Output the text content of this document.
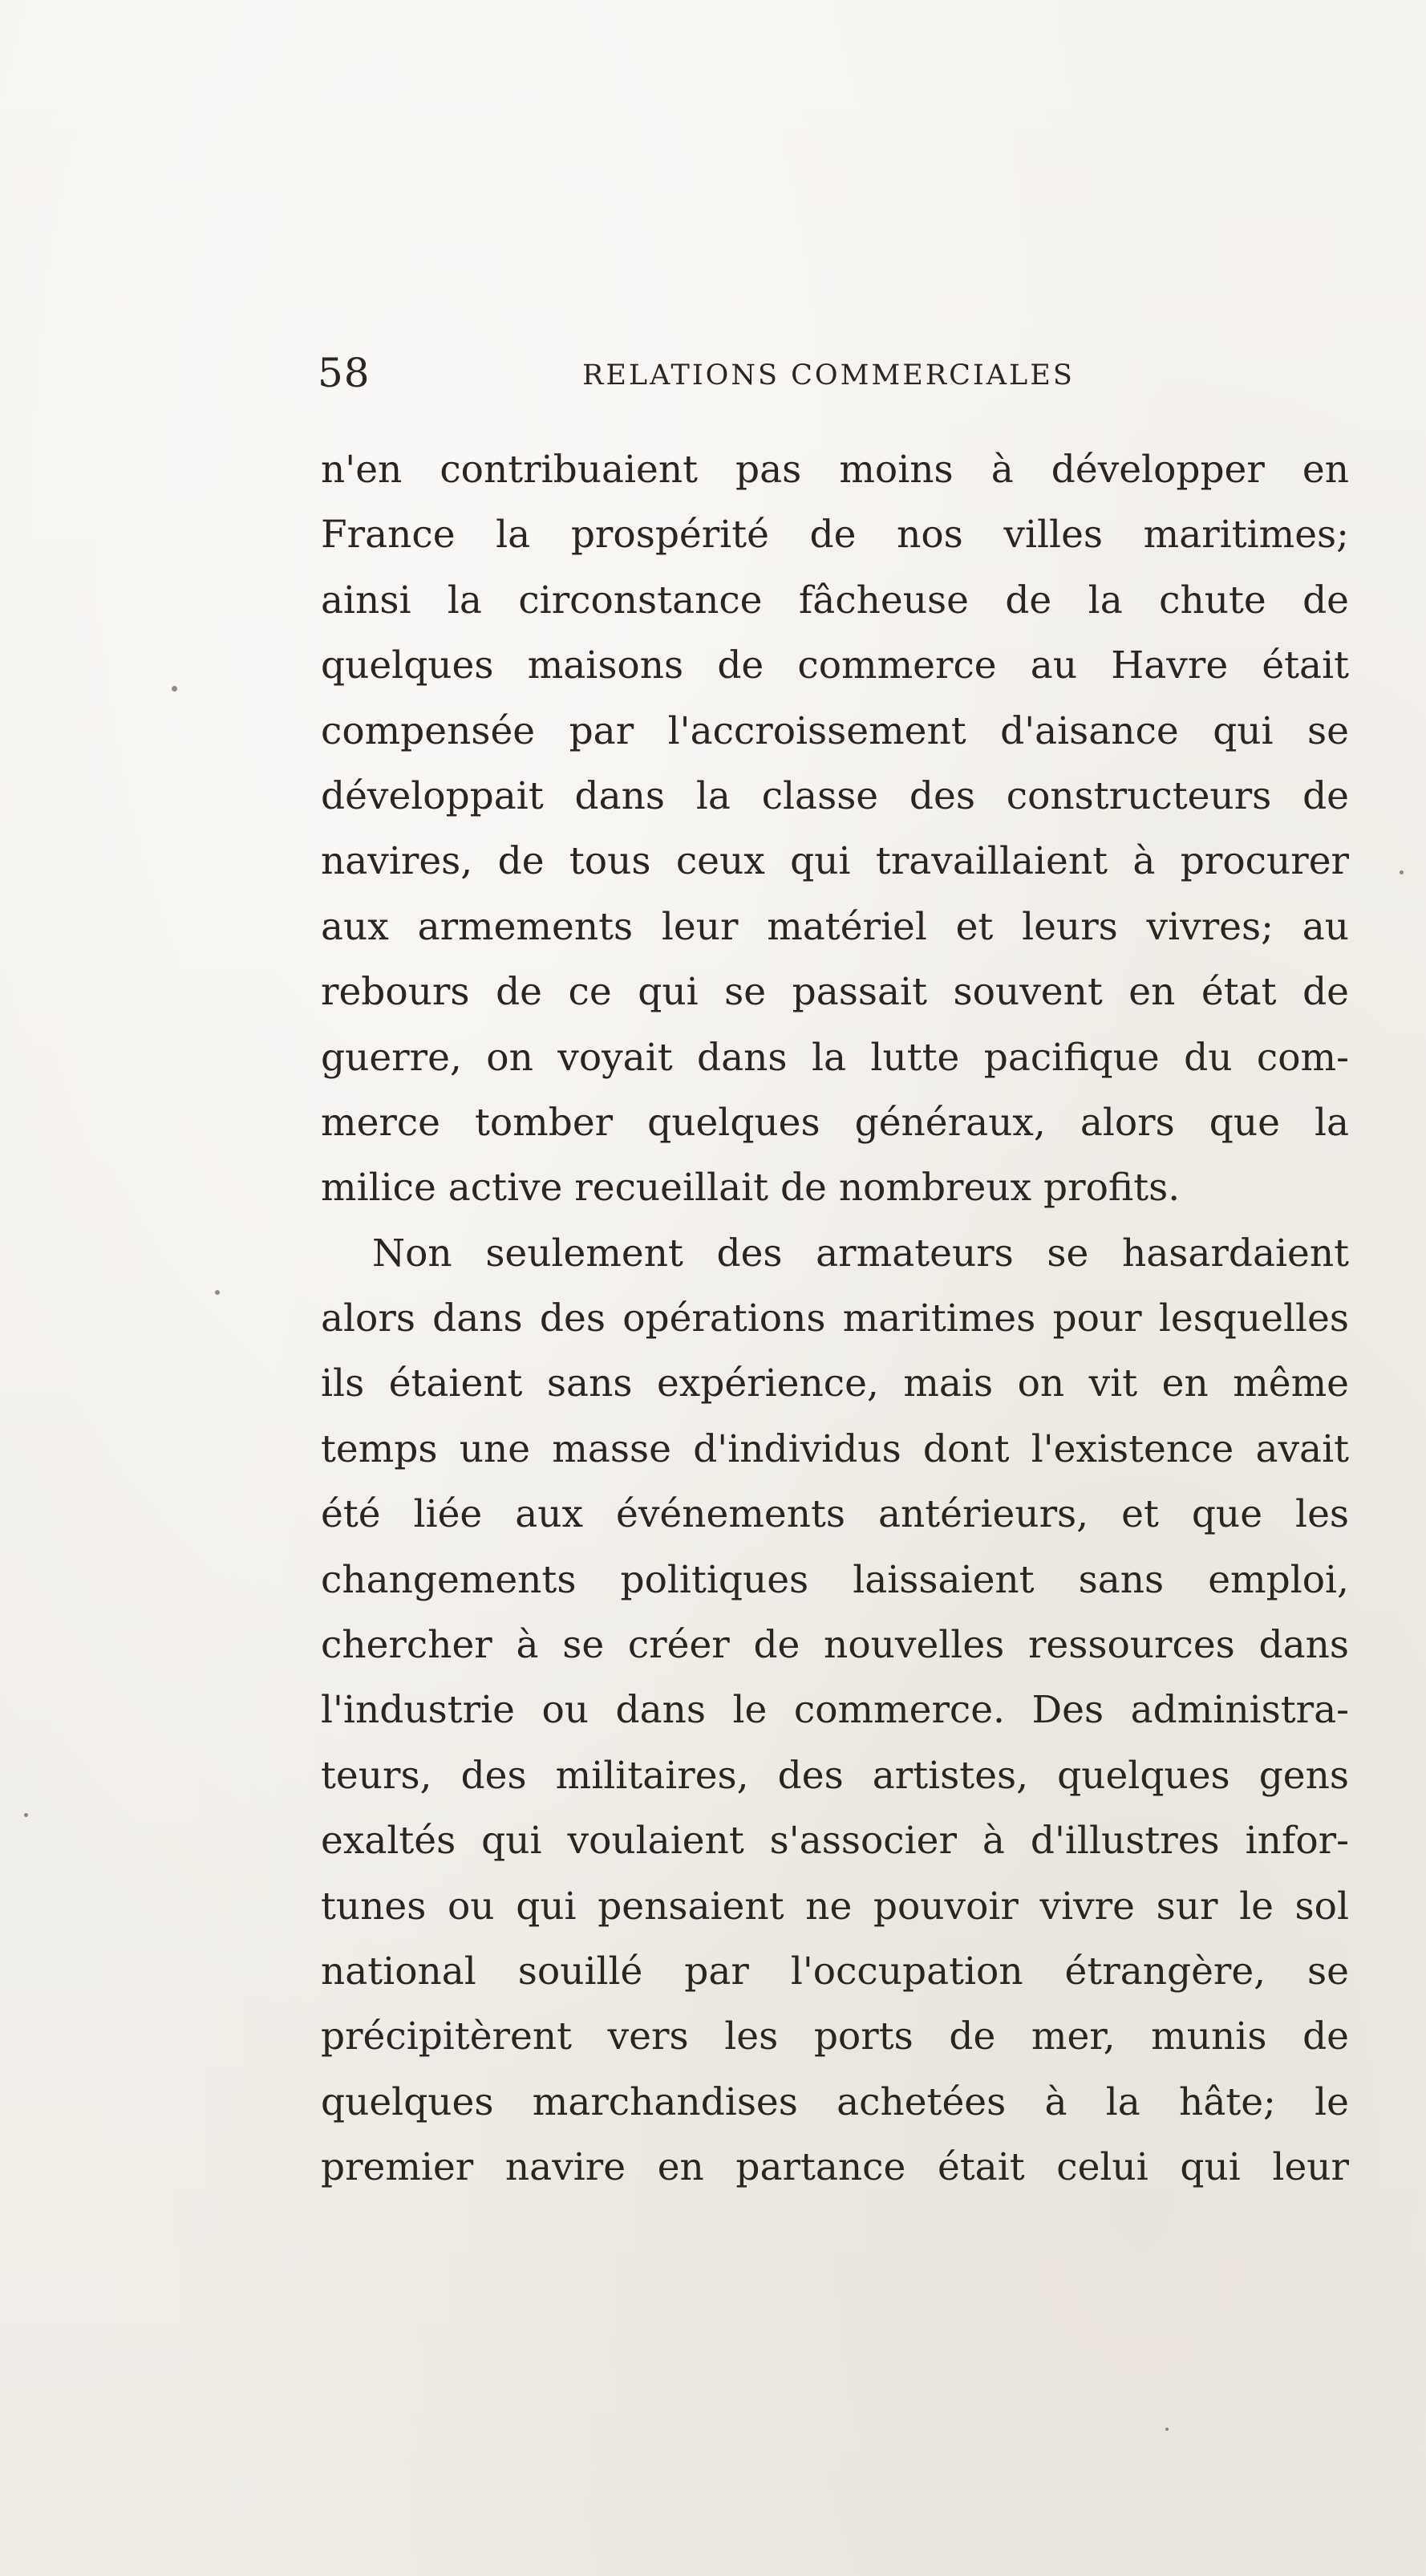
58	RELATIONS COMMERCIALES
n'en contribuaient pas moins à développer en
France la prospérité de nos villes maritimes;
ainsi la circonstance fâcheuse de la chute de
quelques maisons de commerce au Havre était
compensée par l'accroissement d'aisance qui se
développait dans la classe des constructeurs de
navires, de tous ceux qui travaillaient à procurer
aux armements leur matériel et leurs vivres; au
rebours de ce qui se passait souvent en état de
guerre, on voyait dans la lutte pacifique du com-
merce tomber quelques généraux, alors que la
milice active recueillait de nombreux profits.
Non seulement des armateurs se hasardaient
alors dans des opérations maritimes pour lesquelles
ils étaient sans expérience, mais on vit en même
temps une masse d'individus dont l'existence avait
été liée aux événements antérieurs, et que les
changements politiques laissaient sans emploi,
chercher à se créer de nouvelles ressources dans
l'industrie ou dans le commerce. Des administra-
teurs, des militaires, des artistes, quelques gens
exaltés qui voulaient s'associer à d'illustres infor-
tunes ou qui pensaient ne pouvoir vivre sur le sol
national souillé par l'occupation étrangère, se
précipitèrent vers les ports de mer, munis de
quelques marchandises achetées à la hâte; le
premier navire en partance était celui qui leur
